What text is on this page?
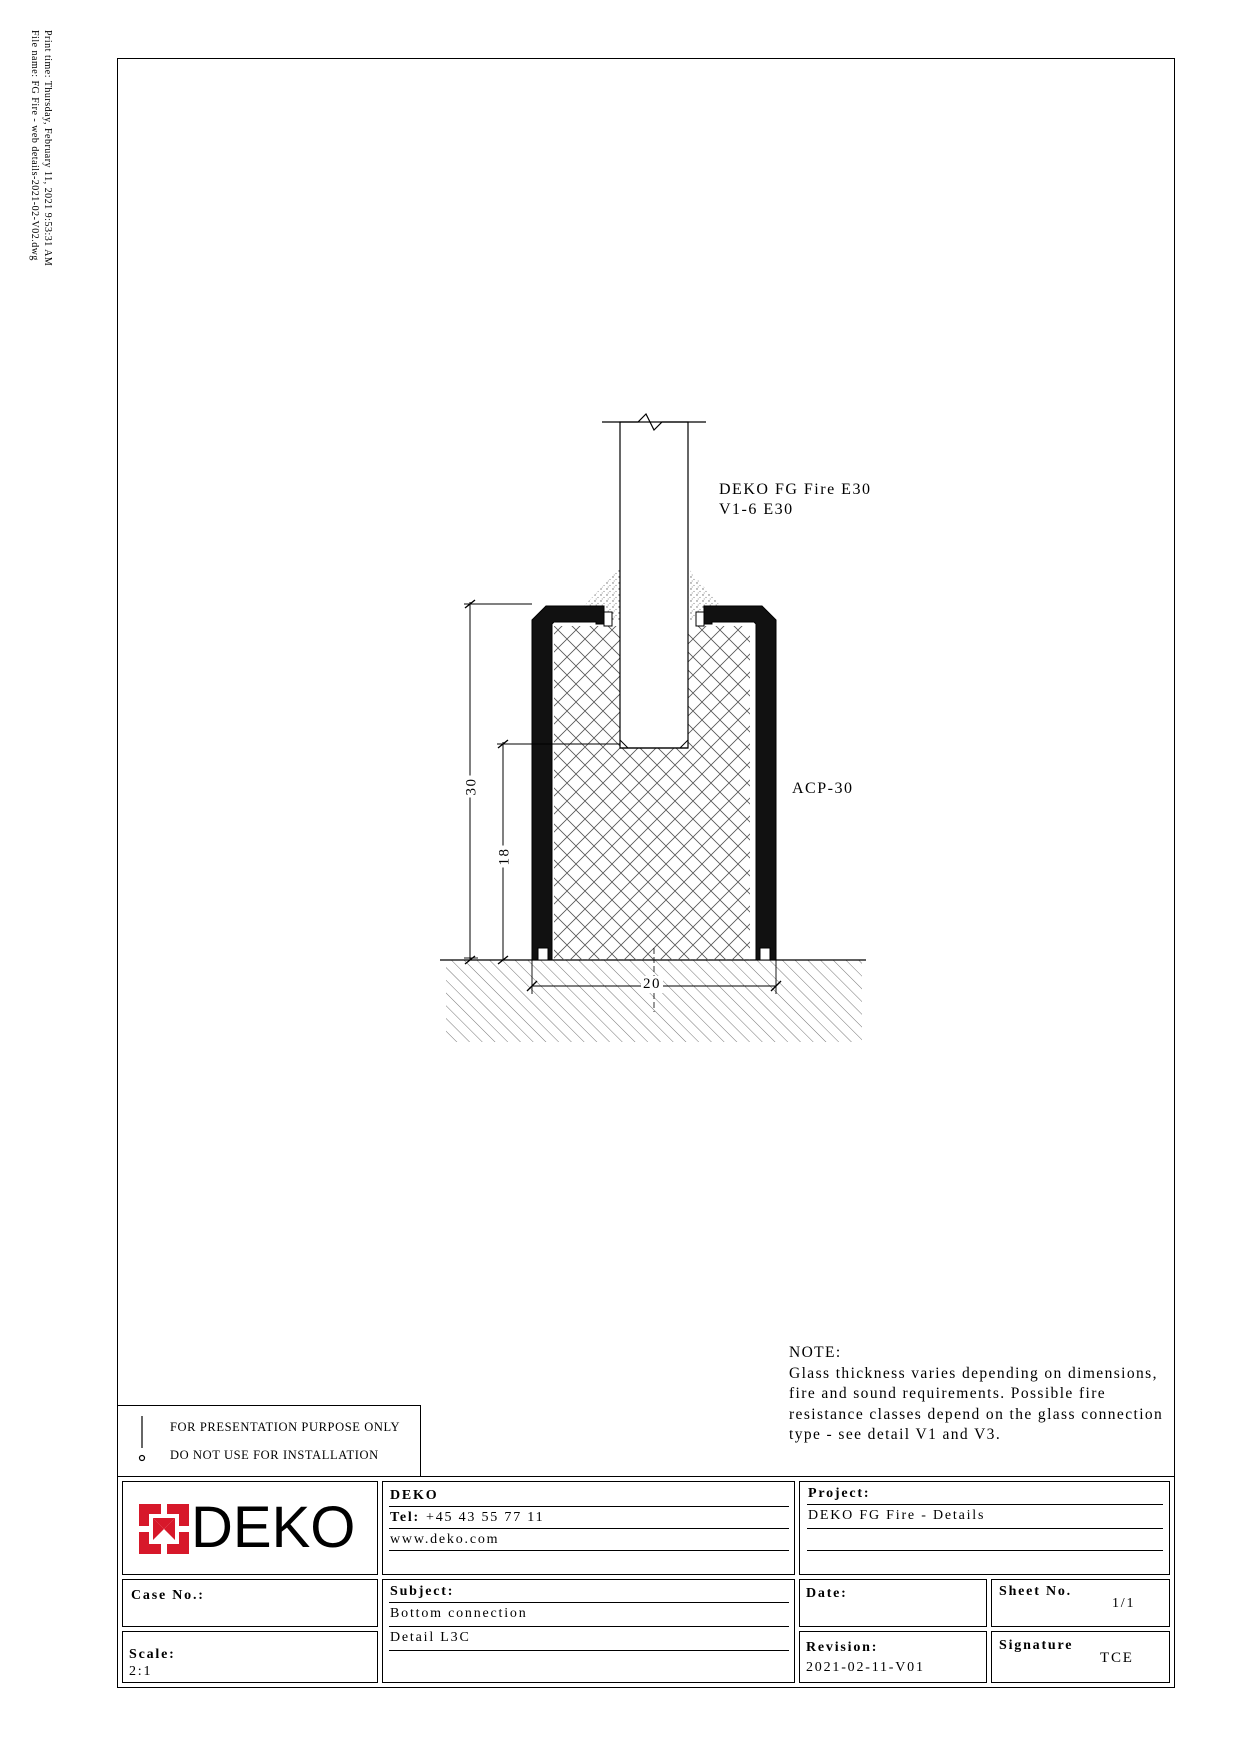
Print time: Thursday, February 11, 2021 9:53:31 AM
File name: FG Fire - web details-2021-02-V02.dwg
30
18
20
DEKO FG Fire E30
V1-6 E30
ACP-30
NOTE:
Glass thickness varies depending on dimensions, fire and sound requirements. Possible fire resistance classes depend on the glass connection type - see detail V1 and V3.
FOR PRESENTATION PURPOSE ONLY
DO NOT USE FOR INSTALLATION
DEKO DEKO
Tel: +45 43 55 77 11
www.deko.com
Project:
DEKO FG Fire - Details
Case No.:
Scale:
2:1
Subject:
Bottom connection
Detail L3C
Date:	Sheet No.
1/1
Revision:
2021-02-11-V01
Signature
TCE
